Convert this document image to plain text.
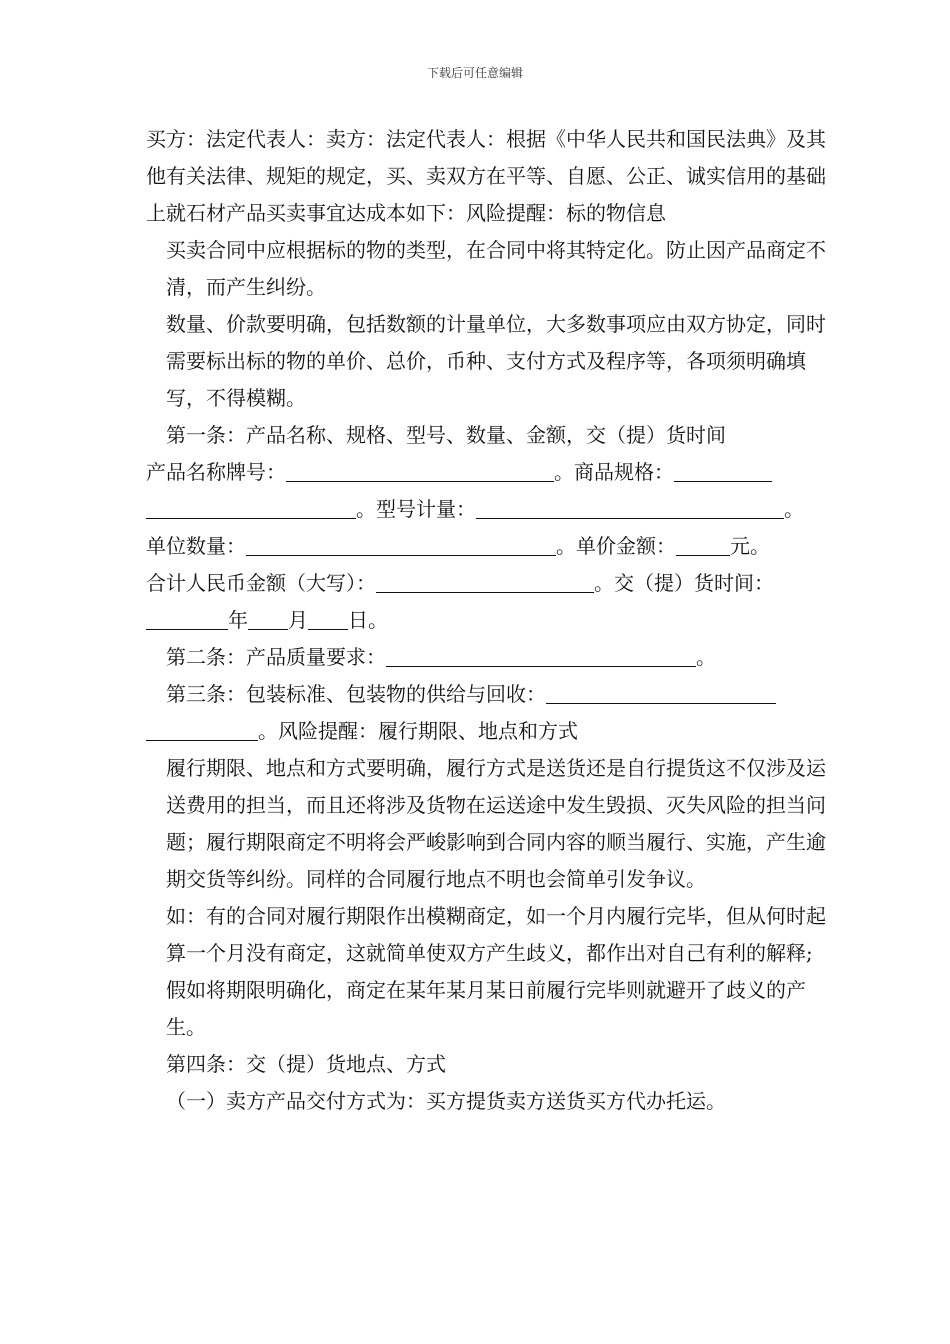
下载后可任意编辑

买方：法定代表人：卖方：法定代表人：根据《中华人民共和国民法典》及其他有关法律、规矩的规定，买、卖双方在平等、自愿、公正、诚实信用的基础上就石材产品买卖事宜达成本如下：风险提醒：标的物信息

买卖合同中应根据标的物的类型，在合同中将其特定化。防止因产品商定不清，而产生纠纷。

数量、价款要明确，包括数额的计量单位，大多数事项应由双方协定，同时需要标出标的物的单价、总价，币种、支付方式及程序等，各项须明确填写，不得模糊。

第一条：产品名称、规格、型号、数量、金额，交（提）货时间

产品名称牌号：	。商品规格：
。型号计量：	。
单位数量：	。单价金额：	元。
合计人民币金额（大写）：	。交（提）货时间：年 月 日。
第二条：产品质量要求：	。
第三条：包装标准、包装物的供给与回收：
。风险提醒：履行期限、地点和方式

履行期限、地点和方式要明确，履行方式是送货还是自行提货这不仅涉及运送费用的担当，而且还将涉及货物在运送途中发生毁损、灭失风险的担当问题；履行期限商定不明将会严峻影响到合同内容的顺当履行、实施，产生逾期交货等纠纷。同样的合同履行地点不明也会简单引发争议。

如：有的合同对履行期限作出模糊商定，如一个月内履行完毕，但从何时起算一个月没有商定，这就简单使双方产生歧义，都作出对自己有利的解释;假如将期限明确化，商定在某年某月某日前履行完毕则就避开了歧义的产生。

第四条：交（提）货地点、方式

（一）卖方产品交付方式为：买方提货卖方送货买方代办托运。
